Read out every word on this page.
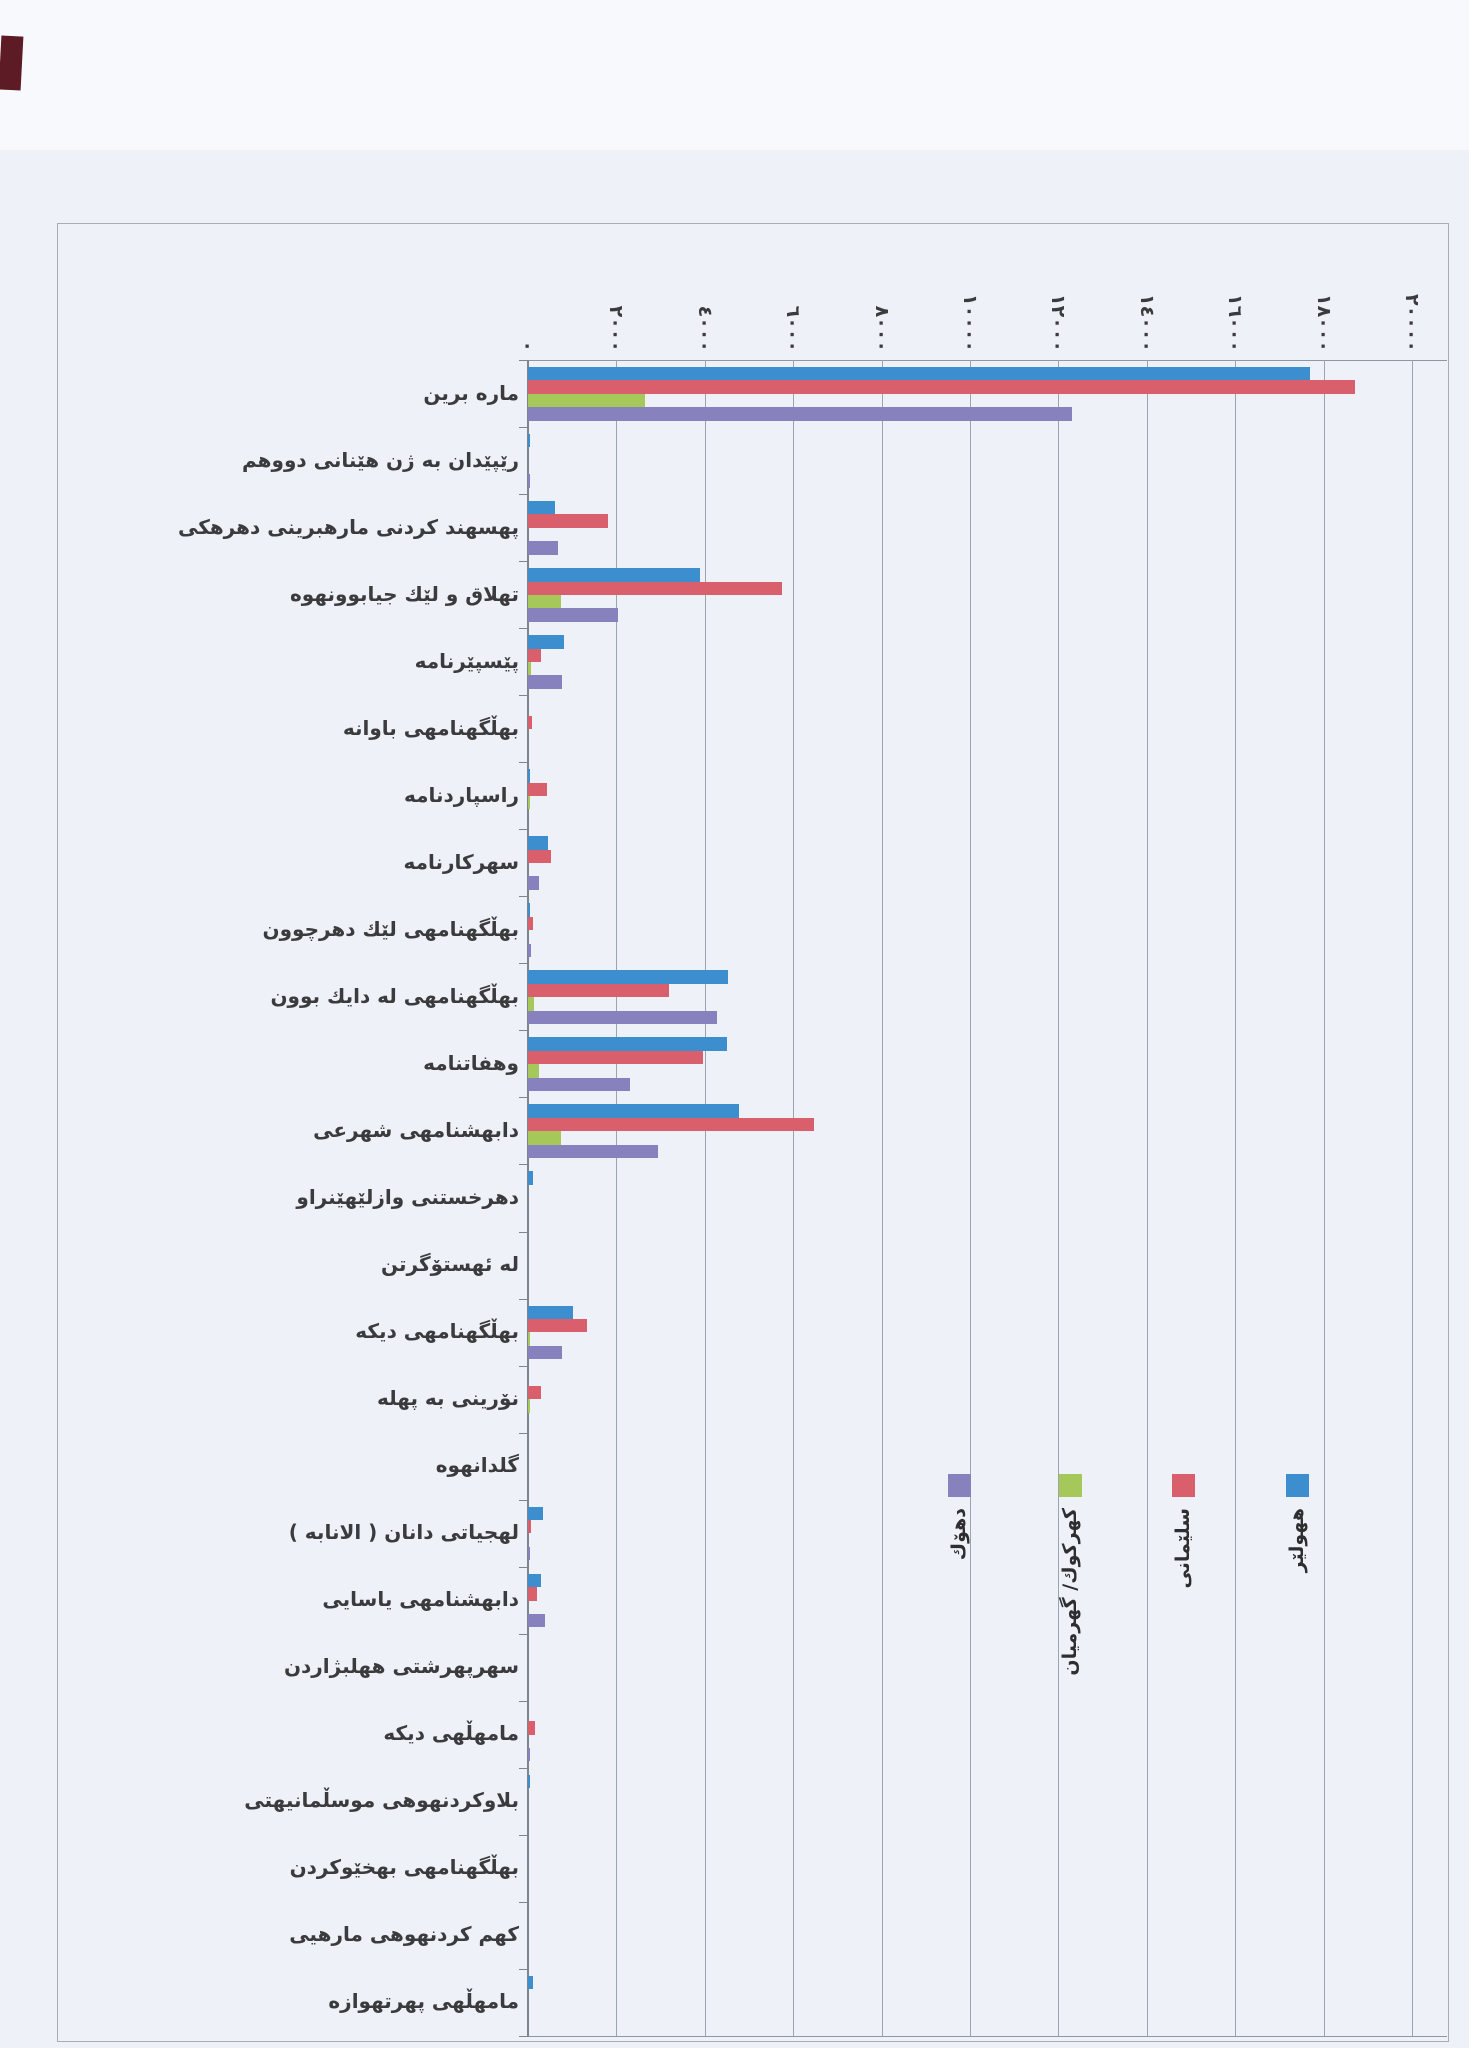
٠	٢٠٠٠	٤٠٠٠	٦٠٠٠	٨٠٠٠	١٠٠٠٠	١٢٠٠٠	١٤٠٠٠	١٦٠٠٠	١٨٠٠٠	٢٠٠٠٠
ماره برین
رێپێدان به ژن هێنانی دووهم
پهسهند کردنی مارهبرینی دهرهکی
تهلاق و لێك جیابوونهوه
پێسپێرنامه
بهڵگهنامهی باوانه
راسپاردنامه
سهرکارنامه
بهڵگهنامهی لێك دهرچوون
بهڵگهنامهی له دایك بوون
وهفاتنامه
دابهشنامهی شهرعی
دهرخستنی وازلێهێنراو
له ئهستۆگرتن
بهڵگهنامهی دیکه
نۆرینی به پهله
گلدانهوه
لهجیاتی دانان ( الانابه )
دابهشنامهی یاسایی
سهرپهرشتی ههلبژاردن
مامهڵهی دیکه
بلاوکردنهوهی موسڵمانیهتی
بهڵگهنامهی بهخێوکردن
کهم کردنهوهی مارهیی
مامهڵهی پهرتهوازه
دهۆك	کهرکوك/ گهرمیان	سلێمانی	ههولێر
